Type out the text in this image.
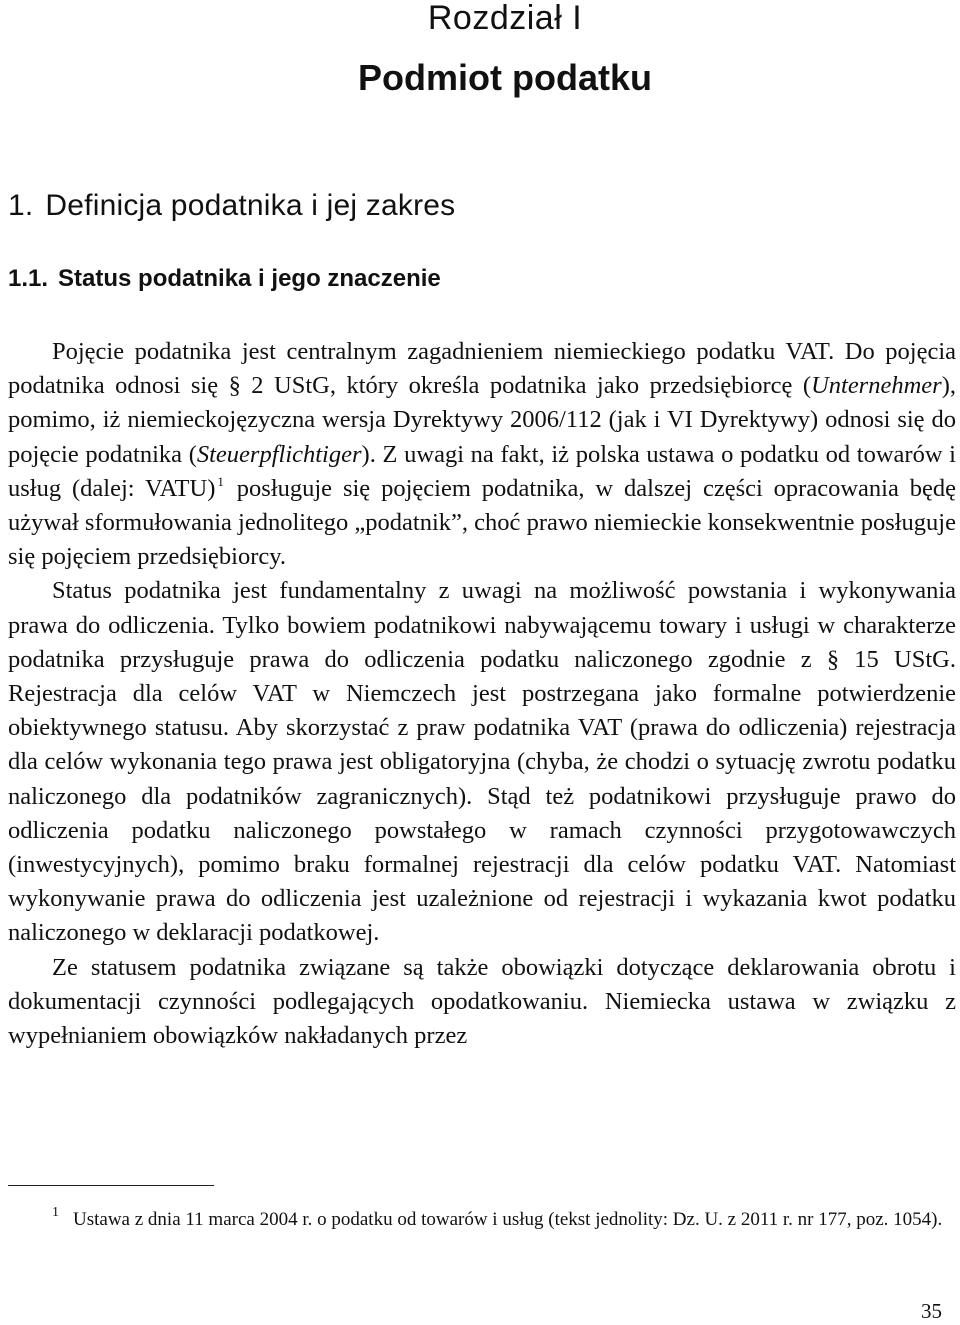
Rozdział I
Podmiot podatku
1. Definicja podatnika i jej zakres
1.1. Status podatnika i jego znaczenie

Pojęcie podatnika jest centralnym zagadnieniem niemieckiego podatku VAT. Do pojęcia podatnika odnosi się § 2 UStG, który określa podatnika jako przedsiębiorcę (Unternehmer), pomimo, iż niemieckojęzyczna wersja Dyrektywy 2006/112 (jak i VI Dyrektywy) odnosi się do pojęcie podatnika (Steuerpflichtiger). Z uwagi na fakt, iż polska ustawa o podatku od towarów i usług (dalej: VATU) $^1$ posługuje się pojęciem podatnika, w dalszej części opracowania będę używał sformułowania jednolitego „podatnik”, choć prawo niemieckie konsekwentnie posługuje się pojęciem przedsiębiorcy.

Status podatnika jest fundamentalny z uwagi na możliwość powstania i wykonywania prawa do odliczenia. Tylko bowiem podatnikowi nabywającemu towary i usługi w charakterze podatnika przysługuje prawa do odliczenia podatku naliczonego zgodnie z § 15 UStG. Rejestracja dla celów VAT w Niemczech jest postrzegana jako formalne potwierdzenie obiektywnego statusu. Aby skorzystać z praw podatnika VAT (prawa do odliczenia) rejestracja dla celów wykonania tego prawa jest obligatoryjna (chyba, że chodzi o sytuację zwrotu podatku naliczonego dla podatników zagranicznych). Stąd też podatnikowi przysługuje prawo do odliczenia podatku naliczonego powstałego w ramach czynności przygotowawczych (inwestycyjnych), pomimo braku formalnej rejestracji dla celów podatku VAT. Natomiast wykonywanie prawa do odliczenia jest uzależnione od rejestracji i wykazania kwot podatku naliczonego w deklaracji podatkowej.

Ze statusem podatnika związane są także obowiązki dotyczące deklarowania obrotu i dokumentacji czynności podlegających opodatkowaniu. Niemiecka ustawa w związku z wypełnianiem obowiązków nakładanych przez

1 Ustawa z dnia 11 marca 2004 r. o podatku od towarów i usług (tekst jednolity: Dz. U. z 2011 r. nr 177, poz. 1054).
35
